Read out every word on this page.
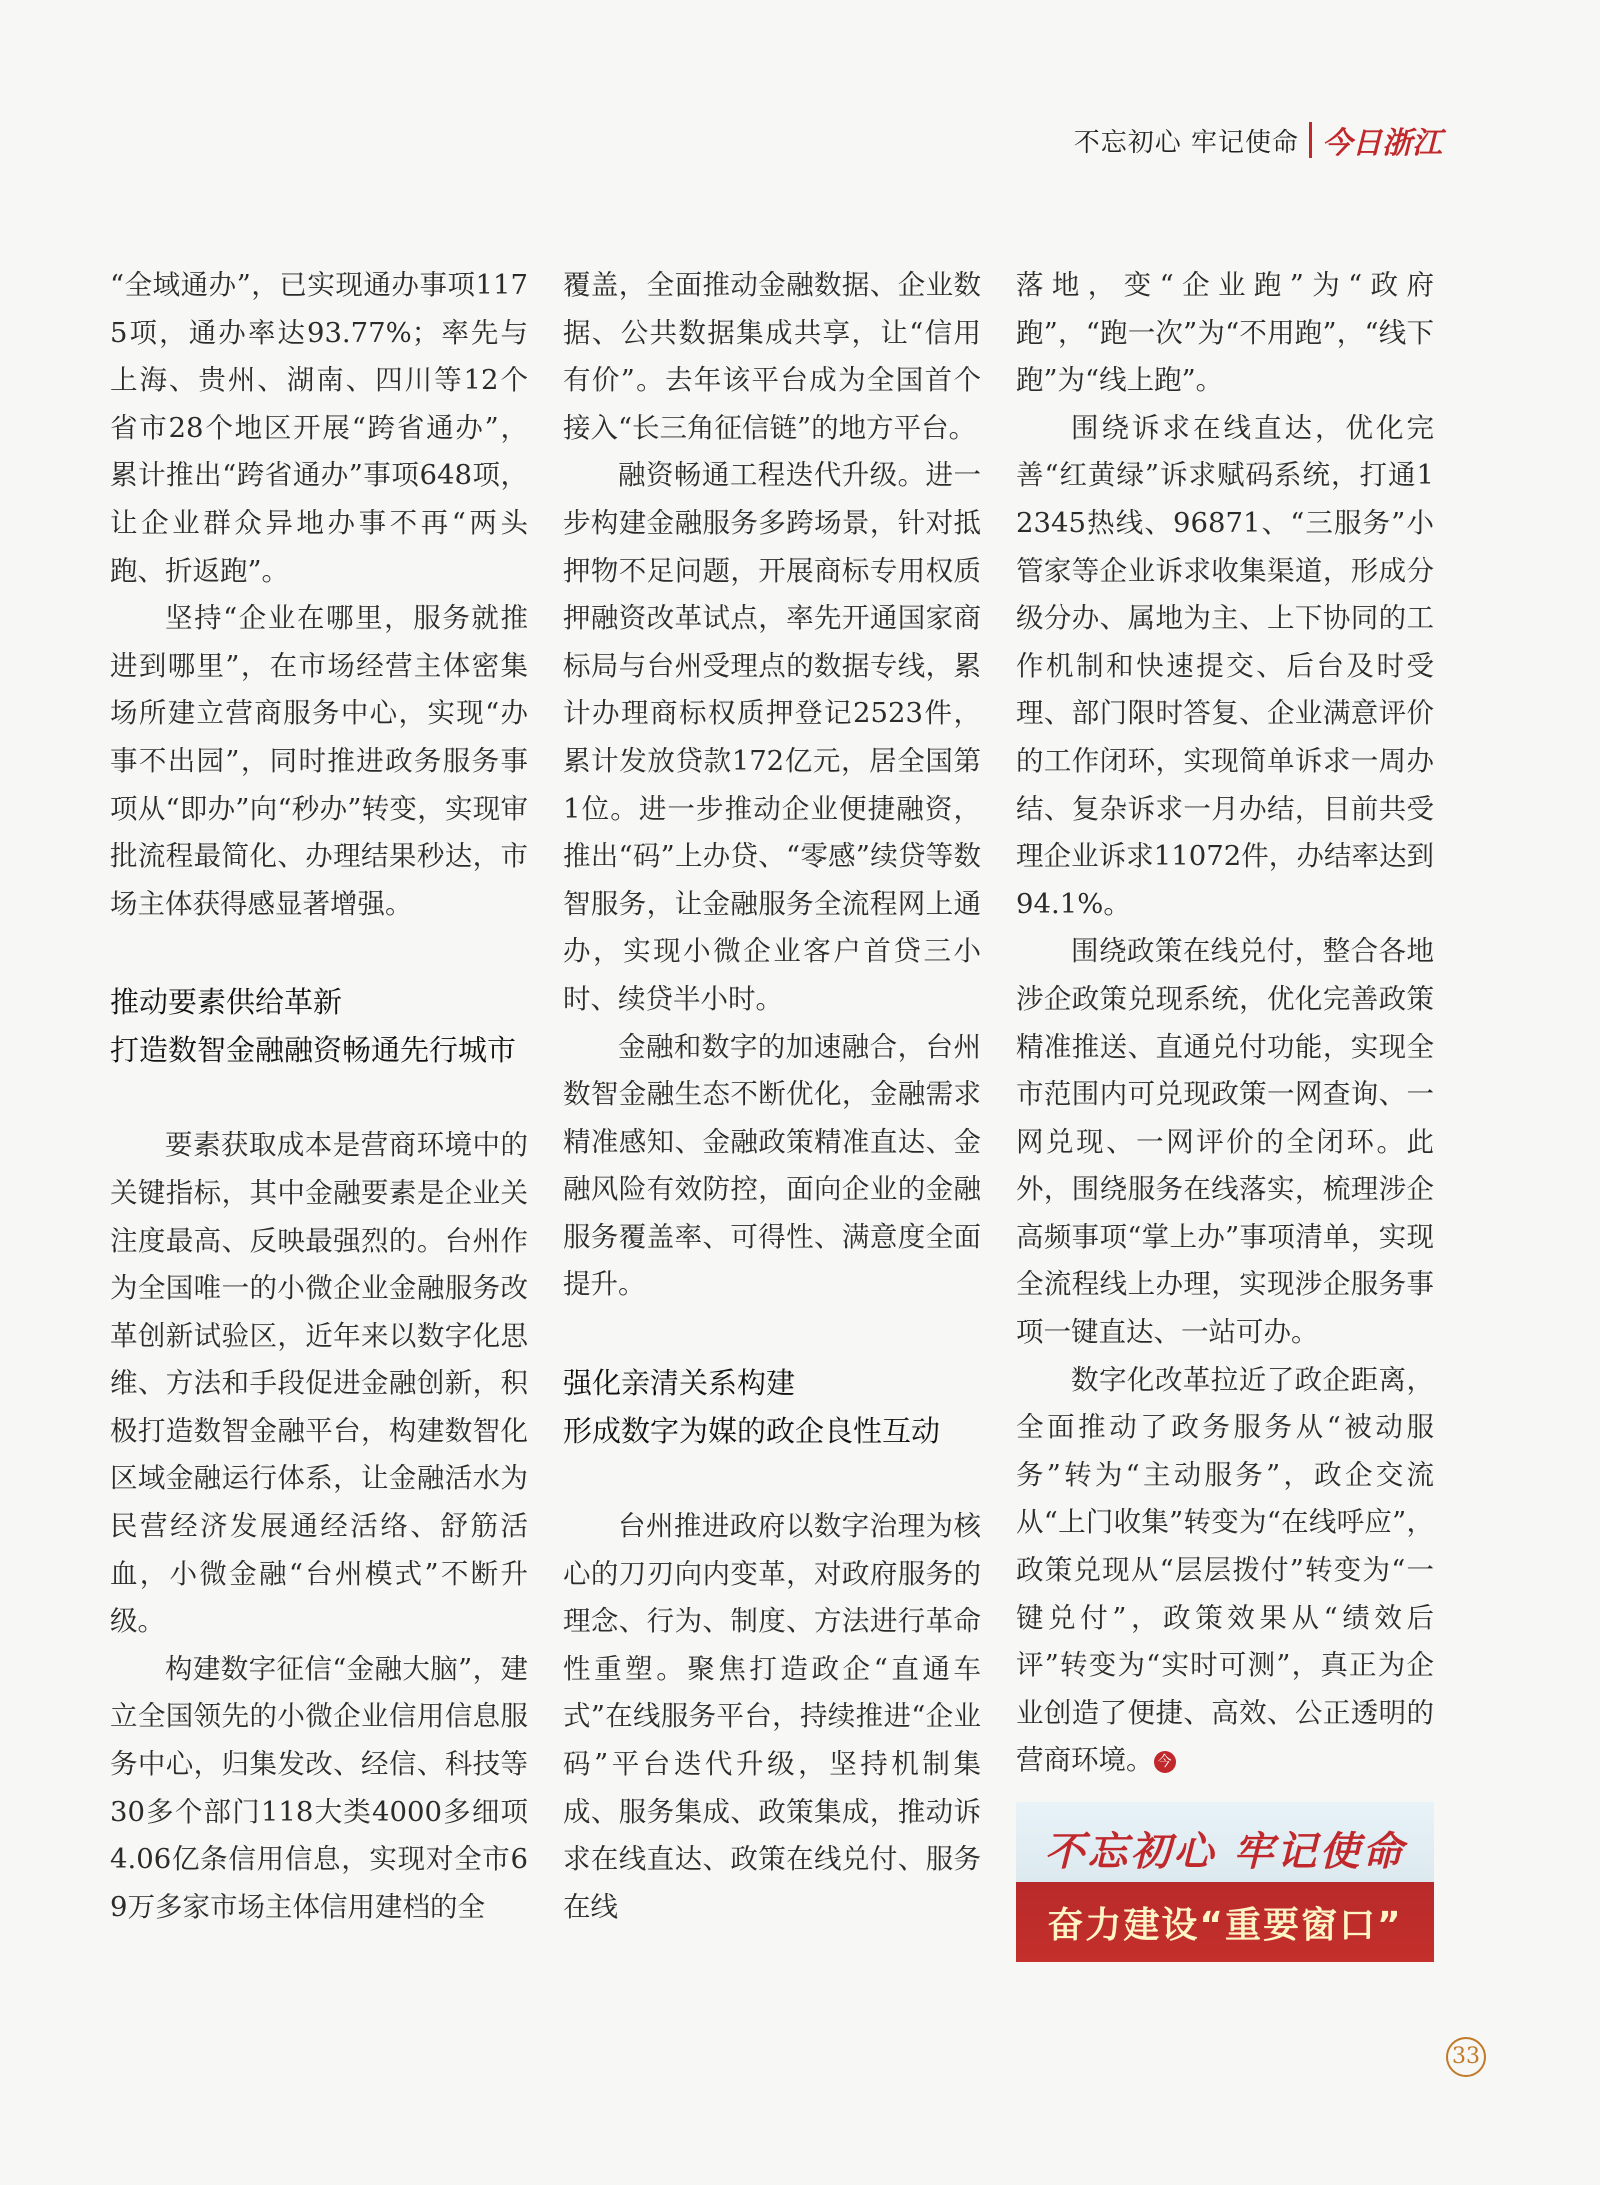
不忘初心 牢记使命 今日浙江

“全域通办”，已实现通办事项1175项，通办率达93.77%；率先与上海、贵州、湖南、四川等12个省市28个地区开展“跨省通办”，累计推出“跨省通办”事项648项，让企业群众异地办事不再“两头跑、折返跑”。

坚持“企业在哪里，服务就推进到哪里”，在市场经营主体密集场所建立营商服务中心，实现“办事不出园”，同时推进政务服务事项从“即办”向“秒办”转变，实现审批流程最简化、办理结果秒达，市场主体获得感显著增强。

推动要素供给革新
打造数智金融融资畅通先行城市

要素获取成本是营商环境中的关键指标，其中金融要素是企业关注度最高、反映最强烈的。台州作为全国唯一的小微企业金融服务改革创新试验区，近年来以数字化思维、方法和手段促进金融创新，积极打造数智金融平台，构建数智化区域金融运行体系，让金融活水为民营经济发展通经活络、舒筋活血，小微金融“台州模式”不断升级。

构建数字征信“金融大脑”，建立全国领先的小微企业信用信息服务中心，归集发改、经信、科技等30多个部门118大类4000多细项4.06亿条信用信息，实现对全市69万多家市场主体信用建档的全

覆盖，全面推动金融数据、企业数据、公共数据集成共享，让“信用有价”。去年该平台成为全国首个接入“长三角征信链”的地方平台。

融资畅通工程迭代升级。进一步构建金融服务多跨场景，针对抵押物不足问题，开展商标专用权质押融资改革试点，率先开通国家商标局与台州受理点的数据专线，累计办理商标权质押登记2523件，累计发放贷款172亿元，居全国第1位。进一步推动企业便捷融资，推出“码”上办贷、“零感”续贷等数智服务，让金融服务全流程网上通办，实现小微企业客户首贷三小时、续贷半小时。

金融和数字的加速融合，台州数智金融生态不断优化，金融需求精准感知、金融政策精准直达、金融风险有效防控，面向企业的金融服务覆盖率、可得性、满意度全面提升。

强化亲清关系构建
形成数字为媒的政企良性互动

台州推进政府以数字治理为核心的刀刃向内变革，对政府服务的理念、行为、制度、方法进行革命性重塑。聚焦打造政企“直通车式”在线服务平台，持续推进“企业码”平台迭代升级，坚持机制集成、服务集成、政策集成，推动诉求在线直达、政策在线兑付、服务在线

落地，变“企业跑”为“政府跑”，“跑一次”为“不用跑”，“线下跑”为“线上跑”。

围绕诉求在线直达，优化完善“红黄绿”诉求赋码系统，打通12345热线、96871、“三服务”小管家等企业诉求收集渠道，形成分级分办、属地为主、上下协同的工作机制和快速提交、后台及时受理、部门限时答复、企业满意评价的工作闭环，实现简单诉求一周办结、复杂诉求一月办结，目前共受理企业诉求11072件，办结率达到94.1%。

围绕政策在线兑付，整合各地涉企政策兑现系统，优化完善政策精准推送、直通兑付功能，实现全市范围内可兑现政策一网查询、一网兑现、一网评价的全闭环。此外，围绕服务在线落实，梳理涉企高频事项“掌上办”事项清单，实现全流程线上办理，实现涉企服务事项一键直达、一站可办。

数字化改革拉近了政企距离，全面推动了政务服务从“被动服务”转为“主动服务”，政企交流从“上门收集”转变为“在线呼应”，政策兑现从“层层拨付”转变为“一键兑付”，政策效果从“绩效后评”转变为“实时可测”，真正为企业创造了便捷、高效、公正透明的营商环境。 今

不忘初心 牢记使命
奋力建设“重要窗口”
33
